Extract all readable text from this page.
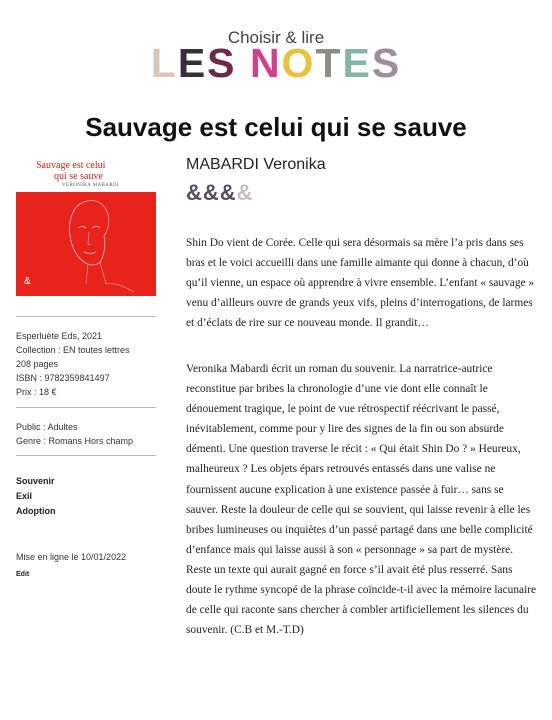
Choisir & lire
LES NOTES
Sauvage est celui qui se sauve
Sauvage est celui
qui se sauve
VERONIKA MABARDI
&
MABARDI Veronika
&&&&
Esperluète Eds, 2021
Collection : EN toutes lettres
208 pages
ISBN : 9782359841497
Prix : 18 €
Public : Adultes
Genre : Romans Hors champ
Souvenir
Exil
Adoption
Mise en ligne le 10/01/2022
Edit
Shin Do vient de Corée. Celle qui sera désormais sa mère l’a pris dans ses bras et le voici accueilli dans une famille aimante qui donne à chacun, d’où qu’il vienne, un espace où apprendre à vivre ensemble. L’enfant « sauvage » venu d’ailleurs ouvre de grands yeux vifs, pleins d’interrogations, de larmes et d’éclats de rire sur ce nouveau monde. Il grandit…
Veronika Mabardi écrit un roman du souvenir. La narratrice-autrice reconstitue par bribes la chronologie d’une vie dont elle connaît le dénouement tragique, le point de vue rétrospectif réécrivant le passé, inévitablement, comme pour y lire des signes de la fin ou son absurde démenti. Une question traverse le récit : « Qui était Shin Do ? » Heureux, malheureux ? Les objets épars retrouvés entassés dans une valise ne fournissent aucune explication à une existence passée à fuir… sans se sauver. Reste la douleur de celle qui se souvient, qui laisse revenir à elle les bribes lumineuses ou inquiètes d’un passé partagé dans une belle complicité d’enfance mais qui laisse aussi à son « personnage » sa part de mystère. Reste un texte qui aurait gagné en force s’il avait été plus resserré. Sans doute le rythme syncopé de la phrase coïncide-t-il avec la mémoire lacunaire de celle qui raconte sans chercher à combler artificiellement les silences du souvenir. (C.B et M.-T.D)
